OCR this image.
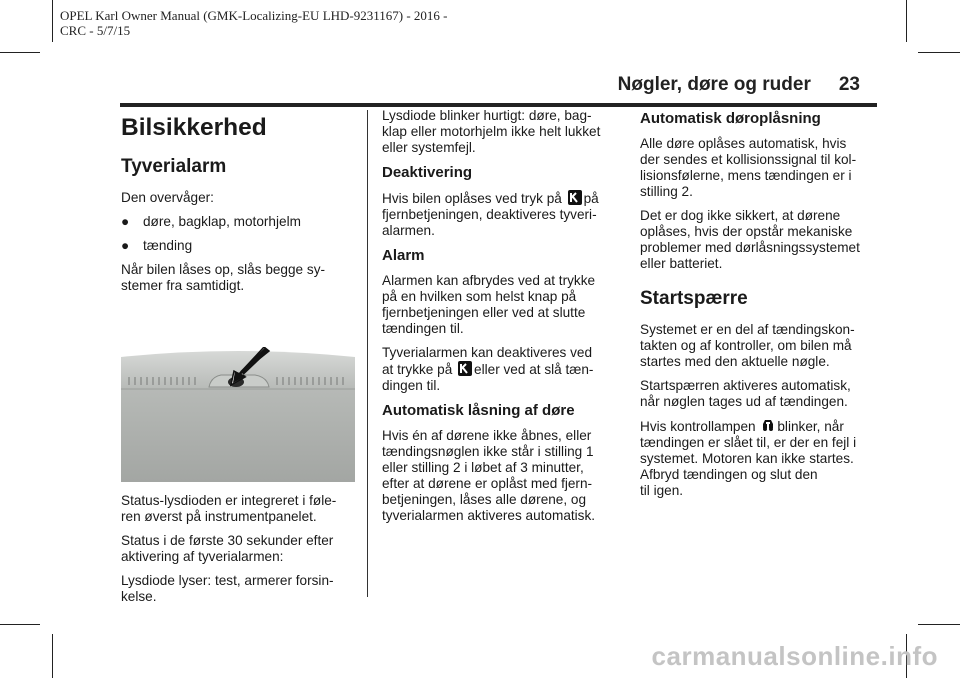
OPEL Karl Owner Manual (GMK-Localizing-EU LHD-9231167) - 2016 -
CRC - 5/7/15
Nøgler, døre og ruder 23
Bilsikkerhed
Tyverialarm

Den overvåger:

●	døre, bagklap, motorhjelm
●	tænding

Når bilen låses op, slås begge sy-
stemer fra samtidigt.

Status-lysdioden er integreret i føle-
ren øverst på instrumentpanelet.

Status i de første 30 sekunder efter
aktivering af tyverialarmen:

Lysdiode lyser: test, armerer forsin-
kelse.

Lysdiode blinker hurtigt: døre, bag-
klap eller motorhjelm ikke helt lukket
eller systemfejl.

Deaktivering

Hvis bilen oplåses ved tryk på på
fjernbetjeningen, deaktiveres tyveri-
alarmen.

Alarm

Alarmen kan afbrydes ved at trykke
på en hvilken som helst knap på
fjernbetjeningen eller ved at slutte
tændingen til.

Tyverialarmen kan deaktiveres ved
at trykke på eller ved at slå tæn-
dingen til.

Automatisk låsning af døre

Hvis én af dørene ikke åbnes, eller
tændingsnøglen ikke står i stilling 1
eller stilling 2 i løbet af 3 minutter,
efter at dørene er oplåst med fjern-
betjeningen, låses alle dørene, og
tyverialarmen aktiveres automatisk.

Automatisk døroplåsning

Alle døre oplåses automatisk, hvis
der sendes et kollisionssignal til kol-
lisionsfølerne, mens tændingen er i
stilling 2.

Det er dog ikke sikkert, at dørene
oplåses, hvis der opstår mekaniske
problemer med dørlåsningssystemet
eller batteriet.

Startspærre

Systemet er en del af tændingskon-
takten og af kontroller, om bilen må
startes med den aktuelle nøgle.

Startspærren aktiveres automatisk,
når nøglen tages ud af tændingen.

Hvis kontrollampen blinker, når
tændingen er slået til, er der en fejl i
systemet. Motoren kan ikke startes.
Afbryd tændingen og slut den
til igen.

carmanualsonline.info
